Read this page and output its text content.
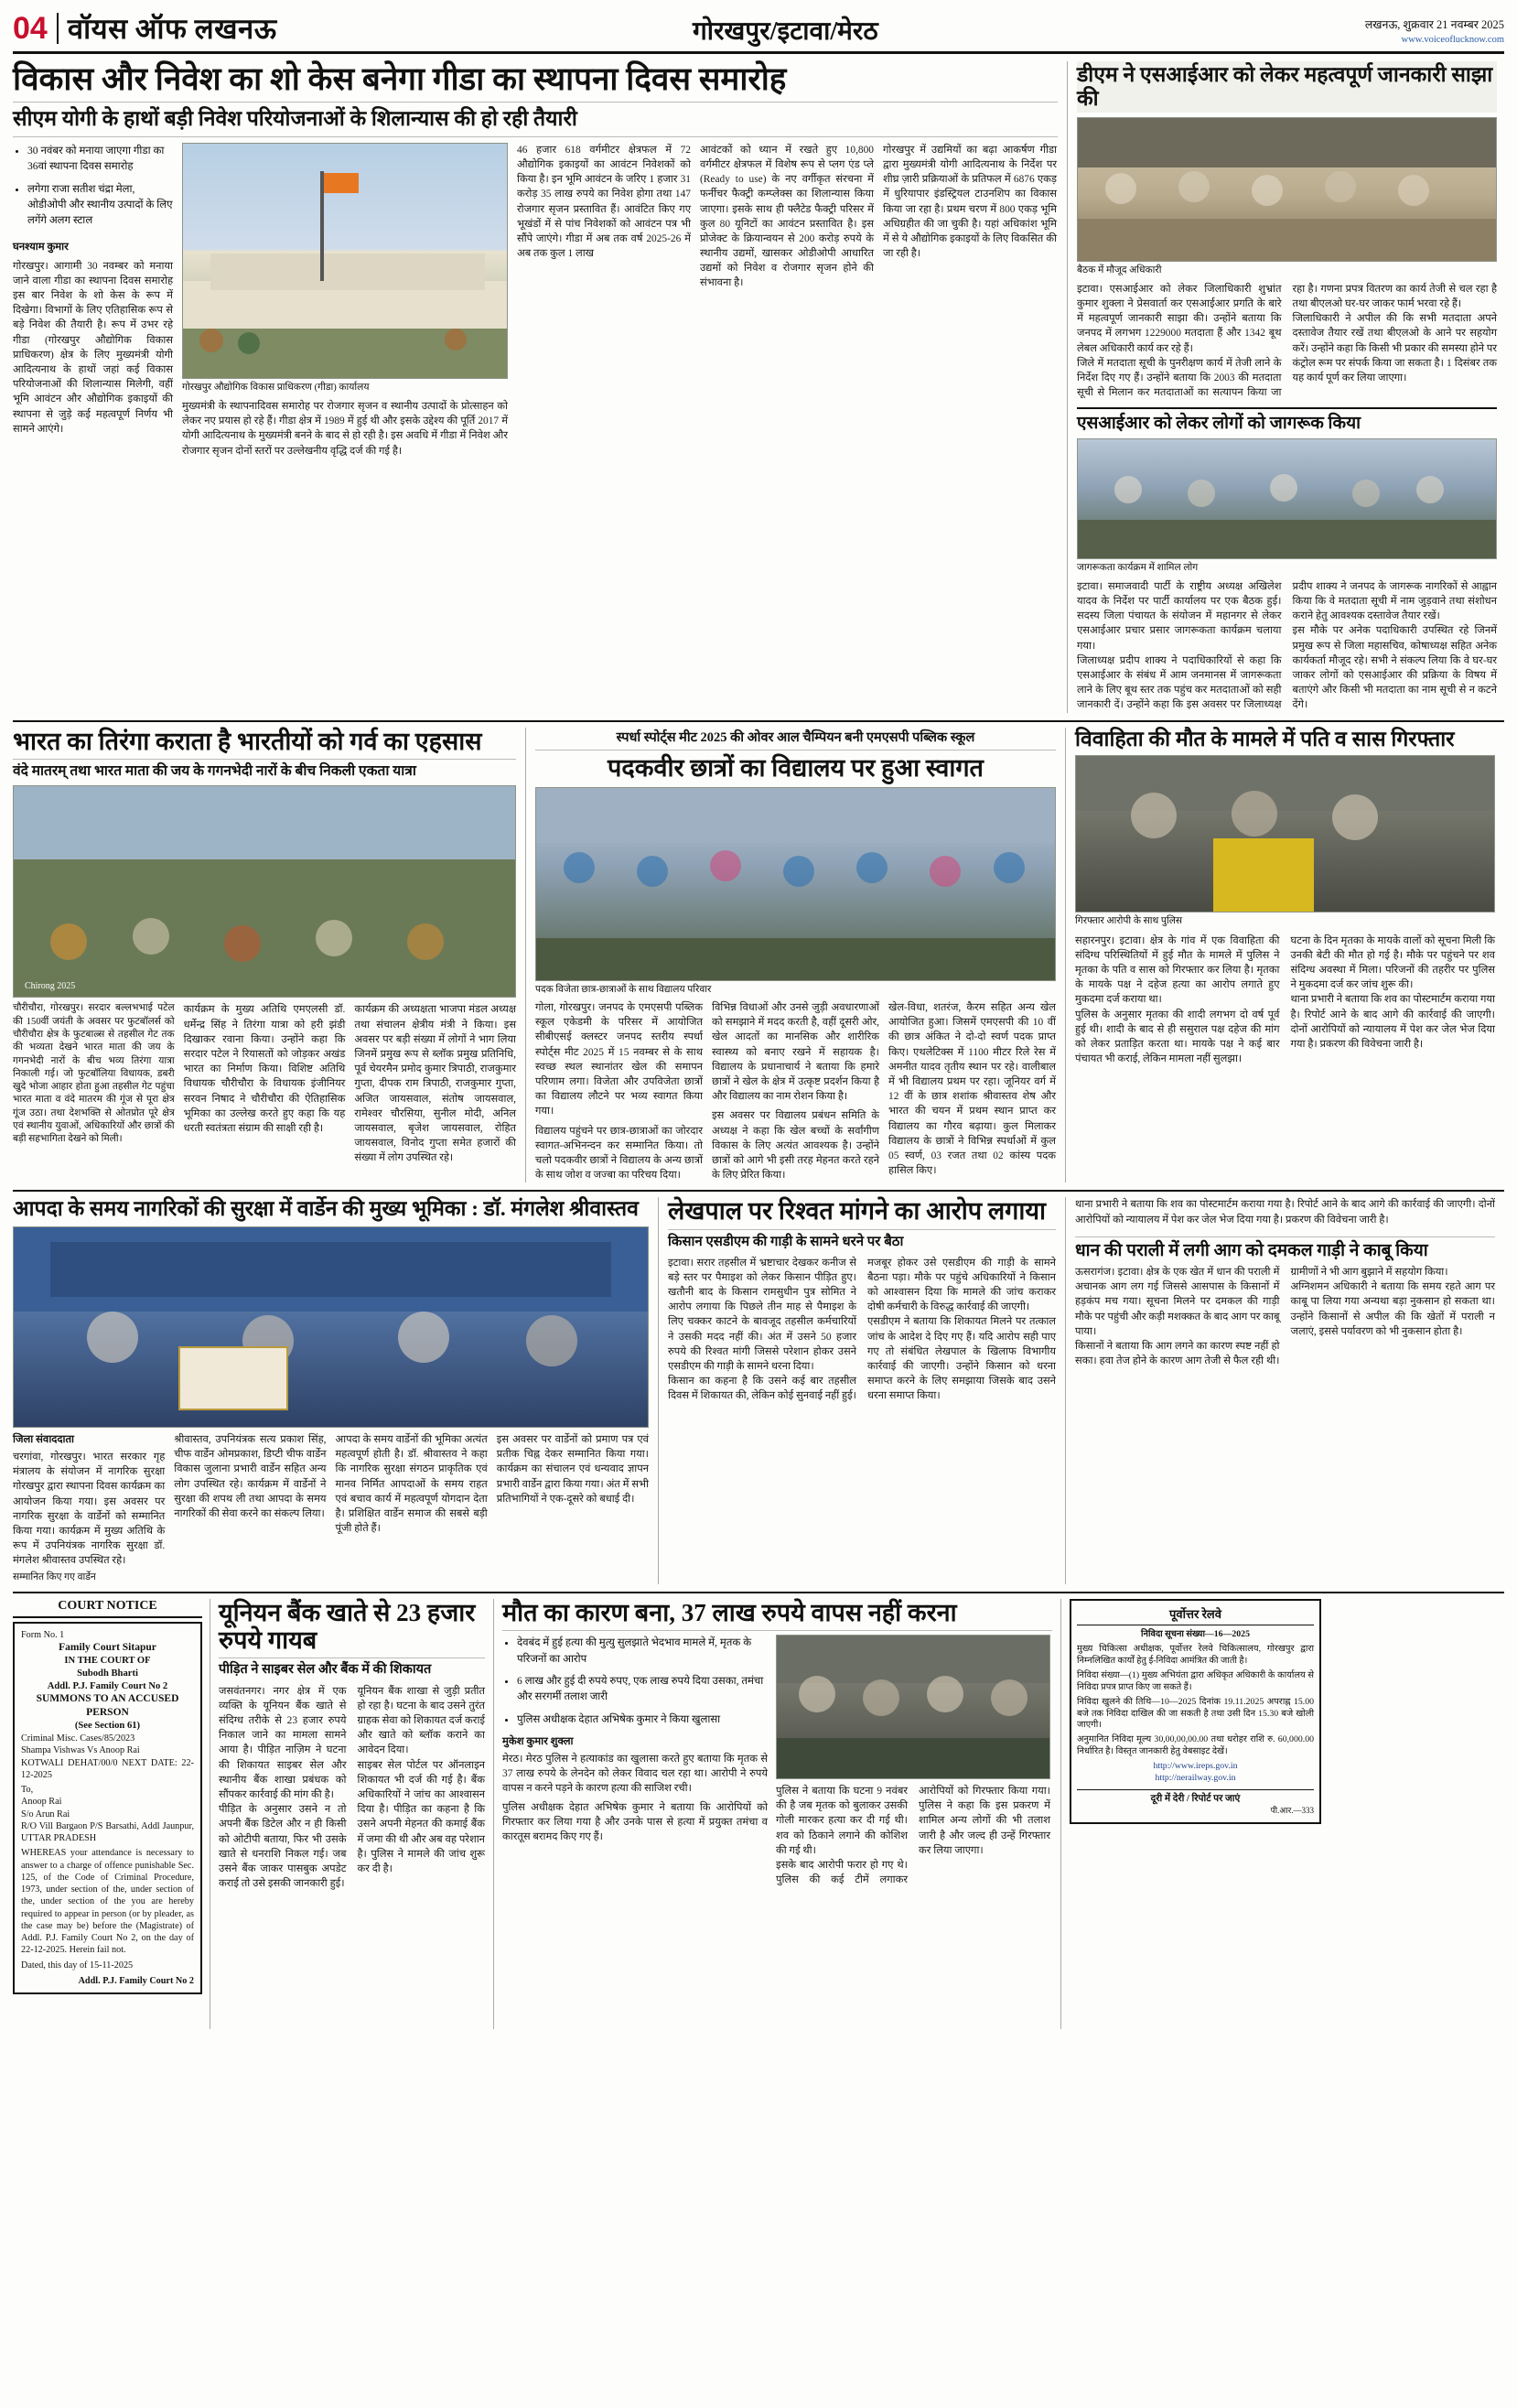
04 वॉयस ऑफ लखनऊ	गोरखपुर/इटावा/मेरठ	लखनऊ, शुक्रवार 21 नवम्बर 2025
www.voiceoflucknow.com
विकास और निवेश का शो केस बनेगा गीडा का स्थापना दिवस समारोह
सीएम योगी के हाथों बड़ी निवेश परियोजनाओं के शिलान्यास की हो रही तैयारी
• 30 नवंबर को मनाया जाएगा गीडा का 36वां स्थापना दिवस समारोह
• लगेगा राजा सतीश चंद्रा मेला, ओडीओपी और स्थानीय उत्पादों के लिए लगेंगे अलग स्टाल
घनश्याम कुमार
गोरखपुर। आगामी 30 नवम्बर को मनाया जाने वाला गीडा का स्थापना दिवस समारोह इस बार निवेश के शो केस के रूप में दिखेगा। विभागों के लिए एतिहासिक रूप से बड़े निवेश की तैयारी है। रूप में उभर रहे गीडा (गोरखपुर औद्योगिक विकास प्राधिकरण) क्षेत्र के लिए मुख्यमंत्री योगी आदित्यनाथ के हाथों जहां कई विकास परियोजनाओं की शिलान्यास मिलेगी, वहीं भूमि आवंटन और औद्योगिक इकाइयों की स्थापना से जुड़े कई महत्वपूर्ण निर्णय भी सामने आएंगे।
गोरखपुर औद्योगिक विकास प्राधिकरण (गीडा) कार्यालय
मुख्यमंत्री के स्थापनादिवस समारोह पर रोजगार सृजन व स्थानीय उत्पादों के प्रोत्साहन को लेकर नए प्रयास हो रहे हैं। गीडा क्षेत्र में 1989 में हुई थी और इसके उद्देश्य की पूर्ति 2017 में योगी आदित्यनाथ के मुख्यमंत्री बनने के बाद से हो रही है। इस अवधि में गीडा में निवेश और रोजगार सृजन दोनों स्तरों पर उल्लेखनीय वृद्धि दर्ज की गई है।
46 हजार 618 वर्गमीटर क्षेत्रफल में 72 औद्योगिक इकाइयों का आवंटन निवेशकों को किया है। इन भूमि आवंटन के जरिए 1 हजार 31 करोड़ 35 लाख रुपये का निवेश होगा तथा 147 रोजगार सृजन प्रस्तावित हैं। आवंटित किए गए भूखंडों में से पांच निवेशकों को आवंटन पत्र भी सौंपे जाएंगे। गीडा में अब तक वर्ष 2025-26 में अब तक कुल 1 लाख
आवंटकों को ध्यान में रखते हुए 10,800 वर्गमीटर क्षेत्रफल में विशेष रूप से प्लग एंड प्ले (Ready to use) के नए वर्गीकृत संरचना में फर्नीचर फैक्ट्री कम्प्लेक्स का शिलान्यास किया जाएगा। इसके साथ ही फ्लैटेड फैक्ट्री परिसर में कुल 80 यूनिटों का आवंटन प्रस्तावित है। इस प्रोजेक्ट के क्रियान्वयन से 200 करोड़ रुपये के स्थानीय उद्यमों, खासकर ओडीओपी आधारित उद्यमों को निवेश व रोजगार सृजन होने की संभावना है।
गोरखपुर में उद्यमियों का बढ़ा आकर्षण गीडा द्वारा मुख्यमंत्री योगी आदित्यनाथ के निर्देश पर शीघ्र ज़ारी प्रक्रियाओं के प्रतिफल में 6876 एकड़ में धुरियापार इंडस्ट्रियल टाउनशिप का विकास किया जा रहा है। प्रथम चरण में 800 एकड़ भूमि अधिग्रहीत की जा चुकी है। यहां अधिकांश भूमि में से ये औद्योगिक इकाइयों के लिए विकसित की जा रही है।
डीएम ने एसआईआर को लेकर महत्वपूर्ण जानकारी साझा की
बैठक में मौजूद अधिकारी
इटावा। एसआईआर को लेकर जिलाधिकारी शुभ्रांत कुमार शुक्ला ने प्रेसवार्ता कर एसआईआर प्रगति के बारे में महत्वपूर्ण जानकारी साझा की। उन्होंने बताया कि जनपद में लगभग 1229000 मतदाता हैं और 1342 बूथ लेबल अधिकारी कार्य कर रहे हैं।
जिले में मतदाता सूची के पुनरीक्षण कार्य में तेजी लाने के निर्देश दिए गए हैं। उन्होंने बताया कि 2003 की मतदाता सूची से मिलान कर मतदाताओं का सत्यापन किया जा रहा है। गणना प्रपत्र वितरण का कार्य तेजी से चल रहा है तथा बीएलओ घर-घर जाकर फार्म भरवा रहे हैं।
जिलाधिकारी ने अपील की कि सभी मतदाता अपने दस्तावेज तैयार रखें तथा बीएलओ के आने पर सहयोग करें। उन्होंने कहा कि किसी भी प्रकार की समस्या होने पर कंट्रोल रूम पर संपर्क किया जा सकता है। 1 दिसंबर तक यह कार्य पूर्ण कर लिया जाएगा।
एसआईआर को लेकर लोगों को जागरूक किया
जागरूकता कार्यक्रम में शामिल लोग
इटावा। समाजवादी पार्टी के राष्ट्रीय अध्यक्ष अखिलेश यादव के निर्देश पर पार्टी कार्यालय पर एक बैठक हुई। सदस्य जिला पंचायत के संयोजन में महानगर से लेकर एसआईआर प्रचार प्रसार जागरूकता कार्यक्रम चलाया गया।
जिलाध्यक्ष प्रदीप शाक्य ने पदाधिकारियों से कहा कि एसआईआर के संबंध में आम जनमानस में जागरूकता लाने के लिए बूथ स्तर तक पहुंच कर मतदाताओं को सही जानकारी दें। उन्होंने कहा कि इस अवसर पर जिलाध्यक्ष प्रदीप शाक्य ने जनपद के जागरूक नागरिकों से आह्वान किया कि वे मतदाता सूची में नाम जुड़वाने तथा संशोधन कराने हेतु आवश्यक दस्तावेज तैयार रखें।
इस मौके पर अनेक पदाधिकारी उपस्थित रहे जिनमें प्रमुख रूप से जिला महासचिव, कोषाध्यक्ष सहित अनेक कार्यकर्ता मौजूद रहे। सभी ने संकल्प लिया कि वे घर-घर जाकर लोगों को एसआईआर की प्रक्रिया के विषय में बताएंगे और किसी भी मतदाता का नाम सूची से न कटने देंगे।
भारत का तिरंगा कराता है भारतीयों को गर्व का एहसास
वंदे मातरम् तथा भारत माता की जय के गगनभेदी नारों के बीच निकली एकता यात्रा
Chirong 2025
चौरीचौरा, गोरखपुर। सरदार बल्लभभाई पटेल की 150वीं जयंती के अवसर पर फुटबॉलर्स को चौरीचौरा क्षेत्र के फुटबाल्र्स से तहसील गेट तक की भव्यता देखने भारत माता की जय के गगनभेदी नारों के बीच भव्य तिरंगा यात्रा निकाली गई। जो फुटबॉलिया विधायक, डबरी खुदे भोजा आहार होता हुआ तहसील गेट पहुंचा भारत माता व वंदे मातरम की गूंज से पूरा क्षेत्र गूंज उठा। तथा देशभक्ति से ओतप्रोत पूरे क्षेत्र एवं स्थानीय युवाओं, अधिकारियों और छात्रों की बड़ी सहभागिता देखने को मिली।
कार्यक्रम के मुख्य अतिथि एमएलसी डॉ. धर्मेन्द्र सिंह ने तिरंगा यात्रा को हरी झंडी दिखाकर रवाना किया। उन्होंने कहा कि सरदार पटेल ने रियासतों को जोड़कर अखंड भारत का निर्माण किया। विशिष्ट अतिथि विधायक चौरीचौरा के विधायक इंजीनियर सरवन निषाद ने चौरीचौरा की ऐतिहासिक भूमिका का उल्लेख करते हुए कहा कि यह धरती स्वतंत्रता संग्राम की साक्षी रही है।
कार्यक्रम की अध्यक्षता भाजपा मंडल अध्यक्ष तथा संचालन क्षेत्रीय मंत्री ने किया। इस अवसर पर बड़ी संख्या में लोगों ने भाग लिया जिनमें प्रमुख रूप से ब्लॉक प्रमुख प्रतिनिधि, पूर्व चेयरमैन प्रमोद कुमार त्रिपाठी, राजकुमार गुप्ता, दीपक राम त्रिपाठी, राजकुमार गुप्ता, अजित जायसवाल, संतोष जायसवाल, रामेश्वर चौरसिया, सुनील मोदी, अनिल जायसवाल, बृजेश जायसवाल, रोहित जायसवाल, विनोद गुप्ता समेत हजारों की संख्या में लोग उपस्थित रहे।
स्पर्धा स्पोर्ट्स मीट 2025 की ओवर आल चैम्पियन बनी एमएसपी पब्लिक स्कूल
पदकवीर छात्रों का विद्यालय पर हुआ स्वागत
पदक विजेता छात्र-छात्राओं के साथ विद्यालय परिवार
गोला, गोरखपुर। जनपद के एमएसपी पब्लिक स्कूल एकेडमी के परिसर में आयोजित सीबीएसई क्लस्टर जनपद स्तरीय स्पर्धा स्पोर्ट्स मीट 2025 में 15 नवम्बर से के साथ स्वच्छ स्थल स्थानांतर खेल की समापन परिणाम लगा। विजेता और उपविजेता छात्रों का विद्यालय लौटने पर भव्य स्वागत किया गया।
विद्यालय पहुंचने पर छात्र-छात्राओं का जोरदार स्वागत-अभिनन्दन कर सम्मानित किया। तो चलो पदकवीर छात्रों ने विद्यालय के अन्य छात्रों के साथ जोश व जज्बा का परिचय दिया।
विभिन्न विधाओं और उनसे जुड़ी अवधारणाओं को समझाने में मदद करती है, वहीं दूसरी ओर, खेल आदतों का मानसिक और शारीरिक स्वास्थ्य को बनाए रखने में सहायक है। विद्यालय के प्रधानाचार्य ने बताया कि हमारे छात्रों ने खेल के क्षेत्र में उत्कृष्ट प्रदर्शन किया है और विद्यालय का नाम रोशन किया है।
इस अवसर पर विद्यालय प्रबंधन समिति के अध्यक्ष ने कहा कि खेल बच्चों के सर्वांगीण विकास के लिए अत्यंत आवश्यक है। उन्होंने छात्रों को आगे भी इसी तरह मेहनत करते रहने के लिए प्रेरित किया।
खेल-विधा, शतरंज, कैरम सहित अन्य खेल आयोजित हुआ। जिसमें एमएसपी की 10 वीं की छात्र अंकित ने दो-दो स्वर्ण पदक प्राप्त किए। एथलेटिक्स में 1100 मीटर रिले रेस में अमनीत यादव तृतीय स्थान पर रहे। वालीबाल में भी विद्यालय प्रथम पर रहा। जूनियर वर्ग में 12 वीं के छात्र शशांक श्रीवास्तव शेष और भारत की चयन में प्रथम स्थान प्राप्त कर विद्यालय का गौरव बढ़ाया। कुल मिलाकर विद्यालय के छात्रों ने विभिन्न स्पर्धाओं में कुल 05 स्वर्ण, 03 रजत तथा 02 कांस्य पदक हासिल किए।
विवाहिता की मौत के मामले में पति व सास गिरफ्तार
गिरफ्तार आरोपी के साथ पुलिस
सहारनपुर। इटावा। क्षेत्र के गांव में एक विवाहिता की संदिग्ध परिस्थितियों में हुई मौत के मामले में पुलिस ने मृतका के पति व सास को गिरफ्तार कर लिया है। मृतका के मायके पक्ष ने दहेज हत्या का आरोप लगाते हुए मुकदमा दर्ज कराया था।
पुलिस के अनुसार मृतका की शादी लगभग दो वर्ष पूर्व हुई थी। शादी के बाद से ही ससुराल पक्ष दहेज की मांग को लेकर प्रताड़ित करता था। मायके पक्ष ने कई बार पंचायत भी कराई, लेकिन मामला नहीं सुलझा।
घटना के दिन मृतका के मायके वालों को सूचना मिली कि उनकी बेटी की मौत हो गई है। मौके पर पहुंचने पर शव संदिग्ध अवस्था में मिला। परिजनों की तहरीर पर पुलिस ने मुकदमा दर्ज कर जांच शुरू की।
थाना प्रभारी ने बताया कि शव का पोस्टमार्टम कराया गया है। रिपोर्ट आने के बाद आगे की कार्रवाई की जाएगी। दोनों आरोपियों को न्यायालय में पेश कर जेल भेज दिया गया है। प्रकरण की विवेचना जारी है।
आपदा के समय नागरिकों की सुरक्षा में वार्डेन की मुख्य भूमिका : डॉ. मंगलेश श्रीवास्तव
जिला संवाददाता
चरगांवा, गोरखपुर। भारत सरकार गृह मंत्रालय के संयोजन में नागरिक सुरक्षा गोरखपुर द्वारा स्थापना दिवस कार्यक्रम का आयोजन किया गया। इस अवसर पर नागरिक सुरक्षा के वार्डेनों को सम्मानित किया गया। कार्यक्रम में मुख्य अतिथि के रूप में उपनियंत्रक नागरिक सुरक्षा डॉ. मंगलेश श्रीवास्तव उपस्थित रहे।
श्रीवास्तव, उपनियंत्रक सत्य प्रकाश सिंह, चीफ वार्डेन ओमप्रकाश, डिप्टी चीफ वार्डेन विकास जुलाना प्रभारी वार्डेन सहित अन्य लोग उपस्थित रहे। कार्यक्रम में वार्डेनों ने सुरक्षा की शपथ ली तथा आपदा के समय नागरिकों की सेवा करने का संकल्प लिया।
आपदा के समय वार्डेनों की भूमिका अत्यंत महत्वपूर्ण होती है। डॉ. श्रीवास्तव ने कहा कि नागरिक सुरक्षा संगठन प्राकृतिक एवं मानव निर्मित आपदाओं के समय राहत एवं बचाव कार्य में महत्वपूर्ण योगदान देता है। प्रशिक्षित वार्डेन समाज की सबसे बड़ी पूंजी होते हैं।
इस अवसर पर वार्डेनों को प्रमाण पत्र एवं प्रतीक चिह्न देकर सम्मानित किया गया। कार्यक्रम का संचालन एवं धन्यवाद ज्ञापन प्रभारी वार्डेन द्वारा किया गया। अंत में सभी प्रतिभागियों ने एक-दूसरे को बधाई दी।
सम्मानित किए गए वार्डेन
लेखपाल पर रिश्वत मांगने का आरोप लगाया
किसान एसडीएम की गाड़ी के सामने धरने पर बैठा
इटावा। सरार तहसील में भ्रष्टाचार देखकर कनीज से बड़े स्तर पर पैमाइश को लेकर किसान पीड़ित हुए। खतौनी बाद के किसान रामसुधीन पुत्र सोमित ने आरोप लगाया कि पिछले तीन माह से पैमाइश के लिए चक्कर काटने के बावजूद तहसील कर्मचारियों ने उसकी मदद नहीं की। अंत में उसने 50 हजार रुपये की रिश्वत मांगी जिससे परेशान होकर उसने एसडीएम की गाड़ी के सामने धरना दिया।
किसान का कहना है कि उसने कई बार तहसील दिवस में शिकायत की, लेकिन कोई सुनवाई नहीं हुई। मजबूर होकर उसे एसडीएम की गाड़ी के सामने बैठना पड़ा। मौके पर पहुंचे अधिकारियों ने किसान को आश्वासन दिया कि मामले की जांच कराकर दोषी कर्मचारी के विरुद्ध कार्रवाई की जाएगी।
एसडीएम ने बताया कि शिकायत मिलने पर तत्काल जांच के आदेश दे दिए गए हैं। यदि आरोप सही पाए गए तो संबंधित लेखपाल के खिलाफ विभागीय कार्रवाई की जाएगी। उन्होंने किसान को धरना समाप्त करने के लिए समझाया जिसके बाद उसने धरना समाप्त किया।
थाना प्रभारी ने बताया कि शव का पोस्टमार्टम कराया गया है। रिपोर्ट आने के बाद आगे की कार्रवाई की जाएगी। दोनों आरोपियों को न्यायालय में पेश कर जेल भेज दिया गया है। प्रकरण की विवेचना जारी है।
धान की पराली में लगी आग को दमकल गाड़ी ने काबू किया
ऊसरागंज। इटावा। क्षेत्र के एक खेत में धान की पराली में अचानक आग लग गई जिससे आसपास के किसानों में हड़कंप मच गया। सूचना मिलने पर दमकल की गाड़ी मौके पर पहुंची और कड़ी मशक्कत के बाद आग पर काबू पाया।
किसानों ने बताया कि आग लगने का कारण स्पष्ट नहीं हो सका। हवा तेज होने के कारण आग तेजी से फैल रही थी। ग्रामीणों ने भी आग बुझाने में सहयोग किया।
अग्निशमन अधिकारी ने बताया कि समय रहते आग पर काबू पा लिया गया अन्यथा बड़ा नुकसान हो सकता था। उन्होंने किसानों से अपील की कि खेतों में पराली न जलाएं, इससे पर्यावरण को भी नुकसान होता है।
COURT NOTICE
Form No. 1
Family Court Sitapur
IN THE COURT OF
Subodh Bharti
Addl. P.J. Family Court No 2
SUMMONS TO AN ACCUSED PERSON
(See Section 61)
Criminal Misc. Cases/85/2023
Shampa Vishwas Vs Anoop Rai
KOTWALI DEHAT/00/0 NEXT DATE: 22-12-2025
To,
Anoop Rai
S/o Arun Rai
R/O Vill Bargaon P/S Barsathi, Addl Jaunpur, UTTAR PRADESH
WHEREAS your attendance is necessary to answer to a charge of offence punishable Sec. 125, of the Code of Criminal Procedure, 1973, under section of the, under section of the, under section of the you are hereby required to appear in person (or by pleader, as the case may be) before the (Magistrate) of Addl. P.J. Family Court No 2, on the day of 22-12-2025. Herein fail not.
Dated, this day of 15-11-2025
Addl. P.J. Family Court No 2
यूनियन बैंक खाते से 23 हजार रुपये गायब
पीड़ित ने साइबर सेल और बैंक में की शिकायत
जसवंतनगर। नगर क्षेत्र में एक व्यक्ति के यूनियन बैंक खाते से संदिग्ध तरीके से 23 हजार रुपये निकाल जाने का मामला सामने आया है। पीड़ित नाज़िम ने घटना की शिकायत साइबर सेल और स्थानीय बैंक शाखा प्रबंधक को सौंपकर कार्रवाई की मांग की है।
पीड़ित के अनुसार उसने न तो अपनी बैंक डिटेल और न ही किसी को ओटीपी बताया, फिर भी उसके खाते से धनराशि निकल गई। जब उसने बैंक जाकर पासबुक अपडेट कराई तो उसे इसकी जानकारी हुई।
यूनियन बैंक शाखा से जुड़ी प्रतीत हो रहा है। घटना के बाद उसने तुरंत ग्राहक सेवा को शिकायत दर्ज कराई और खाते को ब्लॉक कराने का आवेदन दिया।
साइबर सेल पोर्टल पर ऑनलाइन शिकायत भी दर्ज की गई है। बैंक अधिकारियों ने जांच का आश्वासन दिया है। पीड़ित का कहना है कि उसने अपनी मेहनत की कमाई बैंक में जमा की थी और अब वह परेशान है। पुलिस ने मामले की जांच शुरू कर दी है।
मौत का कारण बना, 37 लाख रुपये वापस नहीं करना
• देवबंद में हुई हत्या की मुत्यु सुलझाते भेदभाव मामले में, मृतक के परिजनों का आरोप
• 6 लाख और हुई दी रुपये रुपए, एक लाख रुपये दिया उसका, तमंचा और सरगर्मी तलाश जारी
• पुलिस अधीक्षक देहात अभिषेक कुमार ने किया खुलासा
मुकेश कुमार शुक्ला
मेरठ। मेरठ पुलिस ने हत्याकांड का खुलासा करते हुए बताया कि मृतक से 37 लाख रुपये के लेनदेन को लेकर विवाद चल रहा था। आरोपी ने रुपये वापस न करने पड़ने के कारण हत्या की साजिश रची।
पुलिस अधीक्षक देहात अभिषेक कुमार ने बताया कि आरोपियों को गिरफ्तार कर लिया गया है और उनके पास से हत्या में प्रयुक्त तमंचा व कारतूस बरामद किए गए हैं।
पुलिस ने बताया कि घटना 9 नवंबर की है जब मृतक को बुलाकर उसकी गोली मारकर हत्या कर दी गई थी। शव को ठिकाने लगाने की कोशिश की गई थी।
इसके बाद आरोपी फरार हो गए थे। पुलिस की कई टीमें लगाकर आरोपियों को गिरफ्तार किया गया। पुलिस ने कहा कि इस प्रकरण में शामिल अन्य लोगों की भी तलाश जारी है और जल्द ही उन्हें गिरफ्तार कर लिया जाएगा।
पूर्वोत्तर रेलवे
निविदा सूचना संख्या—16—2025
मुख्य चिकित्सा अधीक्षक, पूर्वोत्तर रेलवे चिकित्सालय, गोरखपुर द्वारा निम्नलिखित कार्यों हेतु ई-निविदा आमंत्रित की जाती है।
निविदा संख्या—(1) मुख्य अभियंता द्वारा अधिकृत अधिकारी के कार्यालय से निविदा प्रपत्र प्राप्त किए जा सकते हैं।
निविदा खुलने की तिथि—10—2025 दिनांक 19.11.2025 अपराह्न 15.00 बजे तक निविदा दाखिल की जा सकती है तथा उसी दिन 15.30 बजे खोली जाएगी।
अनुमानित निविदा मूल्य 30,00,00,00.00 तथा धरोहर राशि रु. 60,000.00 निर्धारित है। विस्तृत जानकारी हेतु वेबसाइट देखें।
http://www.ireps.gov.in
http://nerailway.gov.in
दूरी में देरी / रिपोर्ट पर जाएं
पी.आर.—333
